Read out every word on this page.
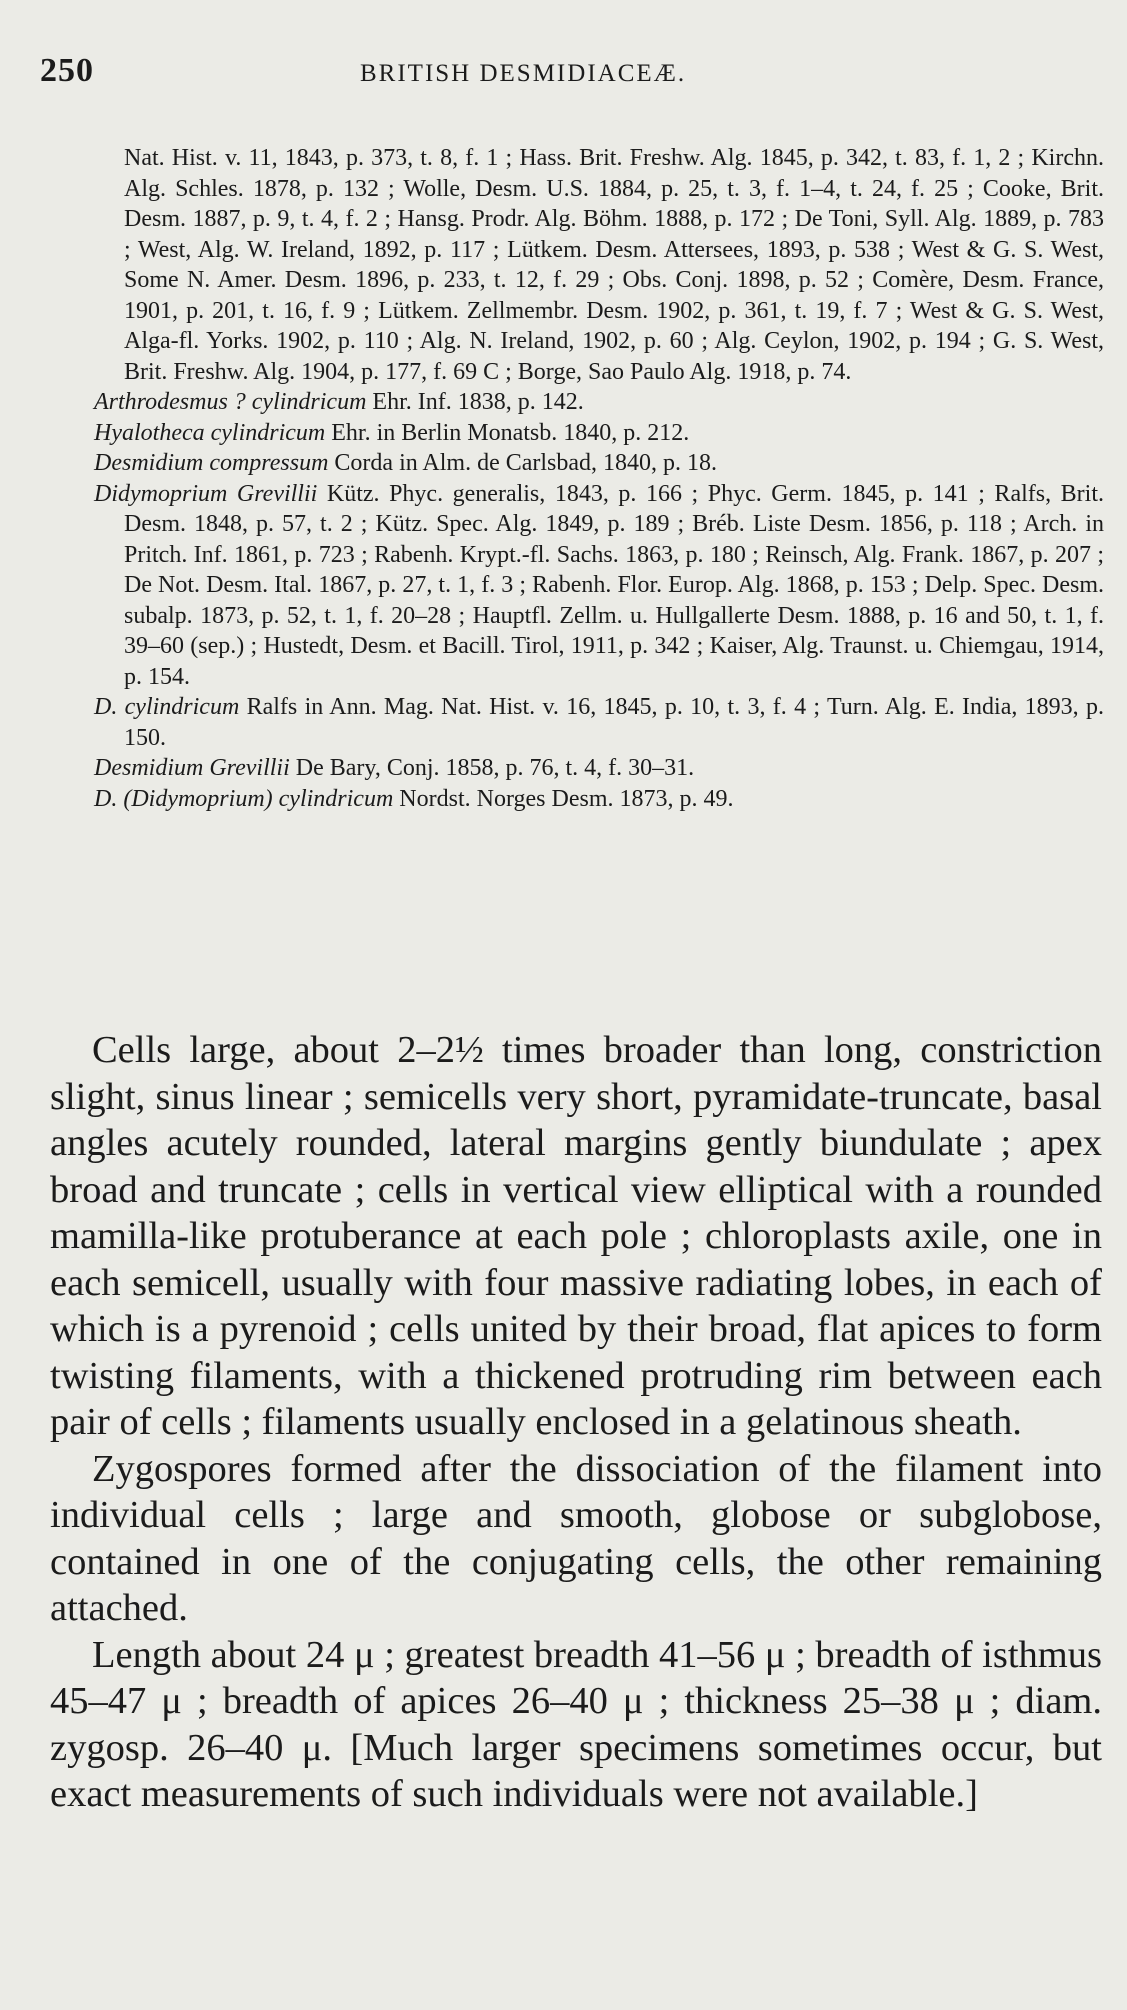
250	BRITISH DESMIDIACEÆ.

Nat. Hist. v. 11, 1843, p. 373, t. 8, f. 1 ; Hass. Brit. Freshw. Alg. 1845, p. 342, t. 83, f. 1, 2 ; Kirchn. Alg. Schles. 1878, p. 132 ; Wolle, Desm. U.S. 1884, p. 25, t. 3, f. 1–4, t. 24, f. 25 ; Cooke, Brit. Desm. 1887, p. 9, t. 4, f. 2 ; Hansg. Prodr. Alg. Böhm. 1888, p. 172 ; De Toni, Syll. Alg. 1889, p. 783 ; West, Alg. W. Ireland, 1892, p. 117 ; Lütkem. Desm. Attersees, 1893, p. 538 ; West & G. S. West, Some N. Amer. Desm. 1896, p. 233, t. 12, f. 29 ; Obs. Conj. 1898, p. 52 ; Comère, Desm. France, 1901, p. 201, t. 16, f. 9 ; Lütkem. Zellmembr. Desm. 1902, p. 361, t. 19, f. 7 ; West & G. S. West, Alga-fl. Yorks. 1902, p. 110 ; Alg. N. Ireland, 1902, p. 60 ; Alg. Ceylon, 1902, p. 194 ; G. S. West, Brit. Freshw. Alg. 1904, p. 177, f. 69 C ; Borge, Sao Paulo Alg. 1918, p. 74.

Arthrodesmus ? cylindricum Ehr. Inf. 1838, p. 142.

Hyalotheca cylindricum Ehr. in Berlin Monatsb. 1840, p. 212.

Desmidium compressum Corda in Alm. de Carlsbad, 1840, p. 18.

Didymoprium Grevillii Kütz. Phyc. generalis, 1843, p. 166 ; Phyc. Germ. 1845, p. 141 ; Ralfs, Brit. Desm. 1848, p. 57, t. 2 ; Kütz. Spec. Alg. 1849, p. 189 ; Bréb. Liste Desm. 1856, p. 118 ; Arch. in Pritch. Inf. 1861, p. 723 ; Rabenh. Krypt.-fl. Sachs. 1863, p. 180 ; Reinsch, Alg. Frank. 1867, p. 207 ; De Not. Desm. Ital. 1867, p. 27, t. 1, f. 3 ; Rabenh. Flor. Europ. Alg. 1868, p. 153 ; Delp. Spec. Desm. subalp. 1873, p. 52, t. 1, f. 20–28 ; Hauptfl. Zellm. u. Hullgallerte Desm. 1888, p. 16 and 50, t. 1, f. 39–60 (sep.) ; Hustedt, Desm. et Bacill. Tirol, 1911, p. 342 ; Kaiser, Alg. Traunst. u. Chiemgau, 1914, p. 154.

D. cylindricum Ralfs in Ann. Mag. Nat. Hist. v. 16, 1845, p. 10, t. 3, f. 4 ; Turn. Alg. E. India, 1893, p. 150.

Desmidium Grevillii De Bary, Conj. 1858, p. 76, t. 4, f. 30–31.

D. (Didymoprium) cylindricum Nordst. Norges Desm. 1873, p. 49.

Cells large, about 2–2½ times broader than long, constriction slight, sinus linear ; semicells very short, pyramidate-truncate, basal angles acutely rounded, lateral margins gently biundulate ; apex broad and truncate ; cells in vertical view elliptical with a rounded mamilla-like protuberance at each pole ; chloroplasts axile, one in each semicell, usually with four massive radiating lobes, in each of which is a pyrenoid ; cells united by their broad, flat apices to form twisting filaments, with a thickened protruding rim between each pair of cells ; filaments usually enclosed in a gelatinous sheath.

Zygospores formed after the dissociation of the filament into individual cells ; large and smooth, globose or subglobose, contained in one of the conjugating cells, the other remaining attached.

Length about 24 μ ; greatest breadth 41–56 μ ; breadth of isthmus 45–47 μ ; breadth of apices 26–40 μ ; thickness 25–38 μ ; diam. zygosp. 26–40 μ. [Much larger specimens sometimes occur, but exact measurements of such individuals were not available.]
